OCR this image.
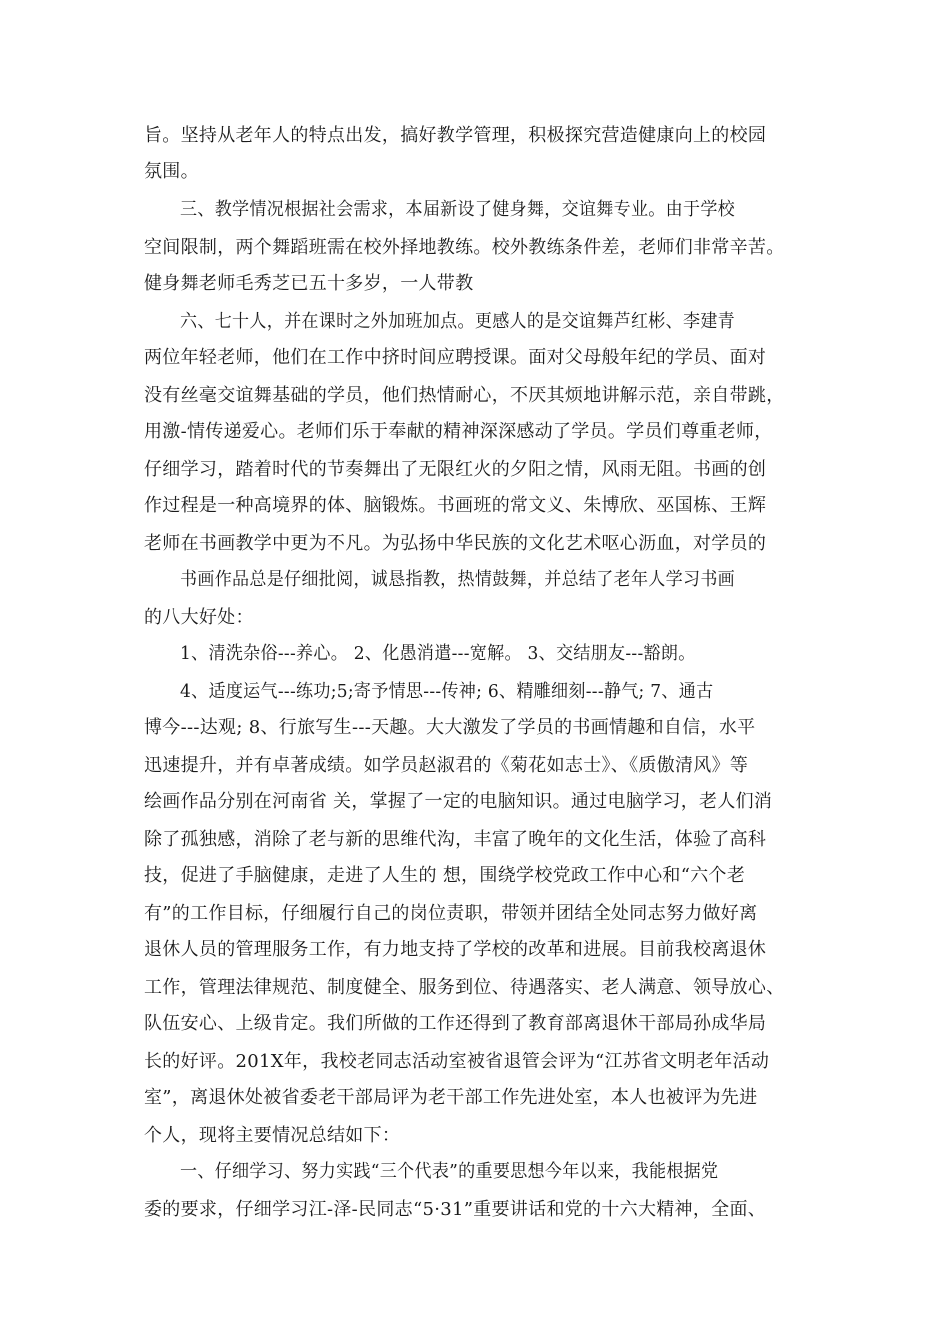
旨。坚持从老年人的特点出发，搞好教学管理，积极探究营造健康向上的校园
氛围。
三、教学情况根据社会需求，本届新设了健身舞，交谊舞专业。由于学校
空间限制，两个舞蹈班需在校外择地教练。校外教练条件差，老师们非常辛苦。
健身舞老师毛秀芝已五十多岁，一人带教
六、七十人，并在课时之外加班加点。更感人的是交谊舞芦红彬、李建青
两位年轻老师，他们在工作中挤时间应聘授课。面对父母般年纪的学员、面对
没有丝毫交谊舞基础的学员，他们热情耐心，不厌其烦地讲解示范，亲自带跳，
用激-情传递爱心。老师们乐于奉献的精神深深感动了学员。学员们尊重老师，
仔细学习，踏着时代的节奏舞出了无限红火的夕阳之情，风雨无阻。书画的创
作过程是一种高境界的体、脑锻炼。书画班的常文义、朱博欣、巫国栋、王辉
老师在书画教学中更为不凡。为弘扬中华民族的文化艺术呕心沥血，对学员的
书画作品总是仔细批阅，诚恳指教，热情鼓舞，并总结了老年人学习书画
的八大好处：
1、清洗杂俗---养心。 2、化愚消遣---宽解。 3、交结朋友---豁朗。
4、适度运气---练功;5;寄予情思---传神; 6、精雕细刻---静气; 7、通古
博今---达观; 8、行旅写生---天趣。大大激发了学员的书画情趣和自信，水平
迅速提升，并有卓著成绩。如学员赵淑君的《菊花如志士》、《质傲清风》等
绘画作品分别在河南省 关，掌握了一定的电脑知识。通过电脑学习，老人们消
除了孤独感，消除了老与新的思维代沟，丰富了晚年的文化生活，体验了高科
技，促进了手脑健康，走进了人生的 想，围绕学校党政工作中心和“六个老
有”的工作目标，仔细履行自己的岗位责职，带领并团结全处同志努力做好离
退休人员的管理服务工作，有力地支持了学校的改革和进展。目前我校离退休
工作，管理法律规范、制度健全、服务到位、待遇落实、老人满意、领导放心、
队伍安心、上级肯定。我们所做的工作还得到了教育部离退休干部局孙成华局
长的好评。201X年，我校老同志活动室被省退管会评为“江苏省文明老年活动
室”，离退休处被省委老干部局评为老干部工作先进处室，本人也被评为先进
个人，现将主要情况总结如下：
一、仔细学习、努力实践“三个代表”的重要思想今年以来，我能根据党
委的要求，仔细学习江-泽-民同志“5·31”重要讲话和党的十六大精神，全面、
